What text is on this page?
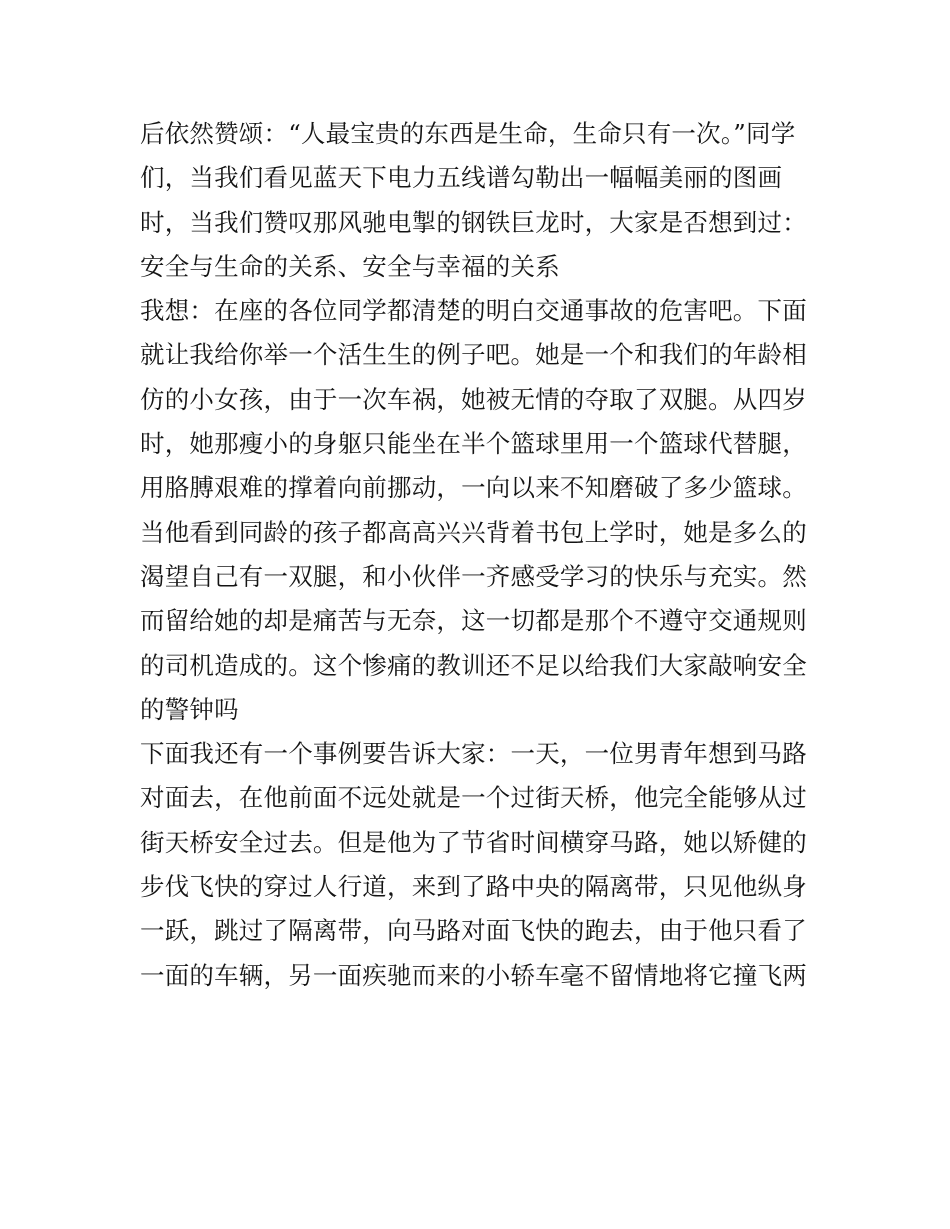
后依然赞颂：“人最宝贵的东西是生命，生命只有一次。”同学
们，当我们看见蓝天下电力五线谱勾勒出一幅幅美丽的图画
时，当我们赞叹那风驰电掣的钢铁巨龙时，大家是否想到过：
安全与生命的关系、安全与幸福的关系
我想：在座的各位同学都清楚的明白交通事故的危害吧。下面
就让我给你举一个活生生的例子吧。她是一个和我们的年龄相
仿的小女孩，由于一次车祸，她被无情的夺取了双腿。从四岁
时，她那瘦小的身躯只能坐在半个篮球里用一个篮球代替腿，
用胳膊艰难的撑着向前挪动，一向以来不知磨破了多少篮球。
当他看到同龄的孩子都高高兴兴背着书包上学时，她是多么的
渴望自己有一双腿，和小伙伴一齐感受学习的快乐与充实。然
而留给她的却是痛苦与无奈，这一切都是那个不遵守交通规则
的司机造成的。这个惨痛的教训还不足以给我们大家敲响安全
的警钟吗
下面我还有一个事例要告诉大家：一天，一位男青年想到马路
对面去，在他前面不远处就是一个过街天桥，他完全能够从过
街天桥安全过去。但是他为了节省时间横穿马路，她以矫健的
步伐飞快的穿过人行道，来到了路中央的隔离带，只见他纵身
一跃，跳过了隔离带，向马路对面飞快的跑去，由于他只看了
一面的车辆，另一面疾驰而来的小轿车毫不留情地将它撞飞两
